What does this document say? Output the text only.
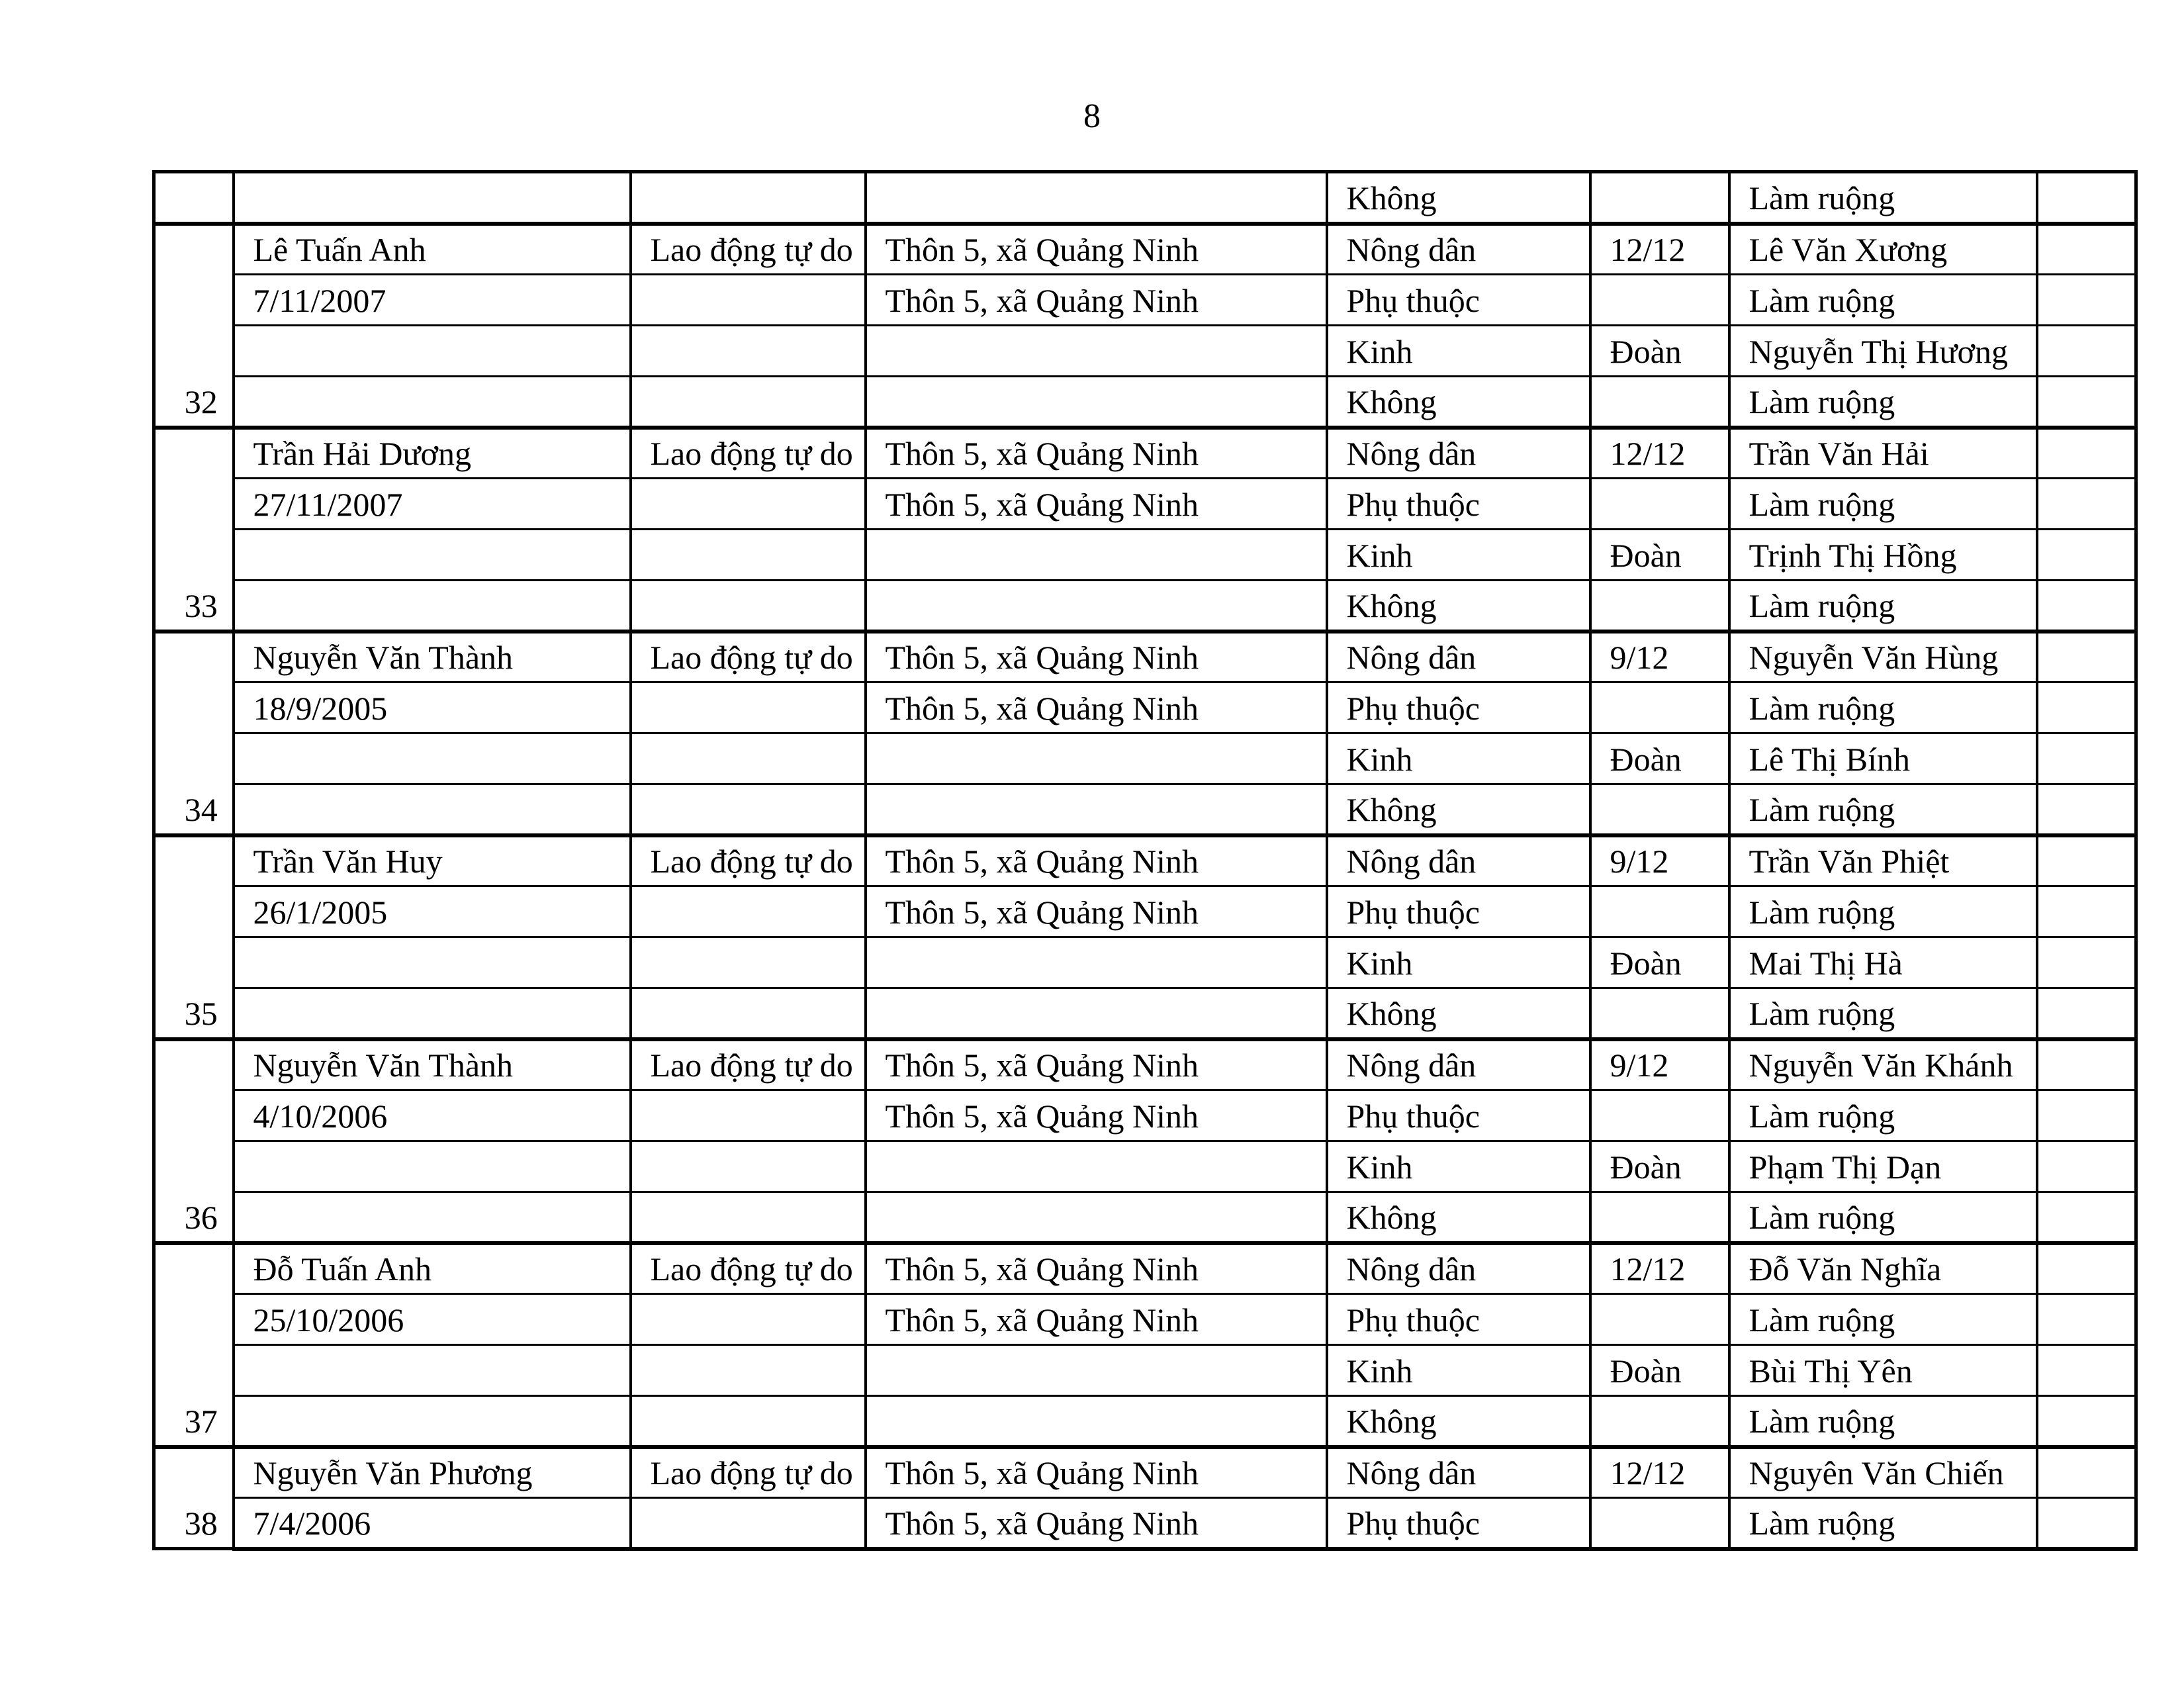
8
				Không		Làm ruộng	
32	Lê Tuấn Anh	Lao động tự do	Thôn 5, xã Quảng Ninh	Nông dân	12/12	Lê Văn Xương	
	7/11/2007		Thôn 5, xã Quảng Ninh	Phụ thuộc		Làm ruộng	
				Kinh	Đoàn	Nguyễn Thị Hương	
				Không		Làm ruộng	
33	Trần Hải Dương	Lao động tự do	Thôn 5, xã Quảng Ninh	Nông dân	12/12	Trần Văn Hải	
	27/11/2007		Thôn 5, xã Quảng Ninh	Phụ thuộc		Làm ruộng	
				Kinh	Đoàn	Trịnh Thị Hồng	
				Không		Làm ruộng	
34	Nguyễn Văn Thành	Lao động tự do	Thôn 5, xã Quảng Ninh	Nông dân	9/12	Nguyễn Văn Hùng	
	18/9/2005		Thôn 5, xã Quảng Ninh	Phụ thuộc		Làm ruộng	
				Kinh	Đoàn	Lê Thị Bính	
				Không		Làm ruộng	
35	Trần Văn Huy	Lao động tự do	Thôn 5, xã Quảng Ninh	Nông dân	9/12	Trần Văn Phiệt	
	26/1/2005		Thôn 5, xã Quảng Ninh	Phụ thuộc		Làm ruộng	
				Kinh	Đoàn	Mai Thị Hà	
				Không		Làm ruộng	
36	Nguyễn Văn Thành	Lao động tự do	Thôn 5, xã Quảng Ninh	Nông dân	9/12	Nguyễn Văn Khánh	
	4/10/2006		Thôn 5, xã Quảng Ninh	Phụ thuộc		Làm ruộng	
				Kinh	Đoàn	Phạm Thị Dạn	
				Không		Làm ruộng	
37	Đỗ Tuấn Anh	Lao động tự do	Thôn 5, xã Quảng Ninh	Nông dân	12/12	Đỗ Văn Nghĩa	
	25/10/2006		Thôn 5, xã Quảng Ninh	Phụ thuộc		Làm ruộng	
				Kinh	Đoàn	Bùi Thị Yên	
				Không		Làm ruộng	
38	Nguyễn Văn Phương	Lao động tự do	Thôn 5, xã Quảng Ninh	Nông dân	12/12	Nguyên Văn Chiến	
	7/4/2006		Thôn 5, xã Quảng Ninh	Phụ thuộc		Làm ruộng	
